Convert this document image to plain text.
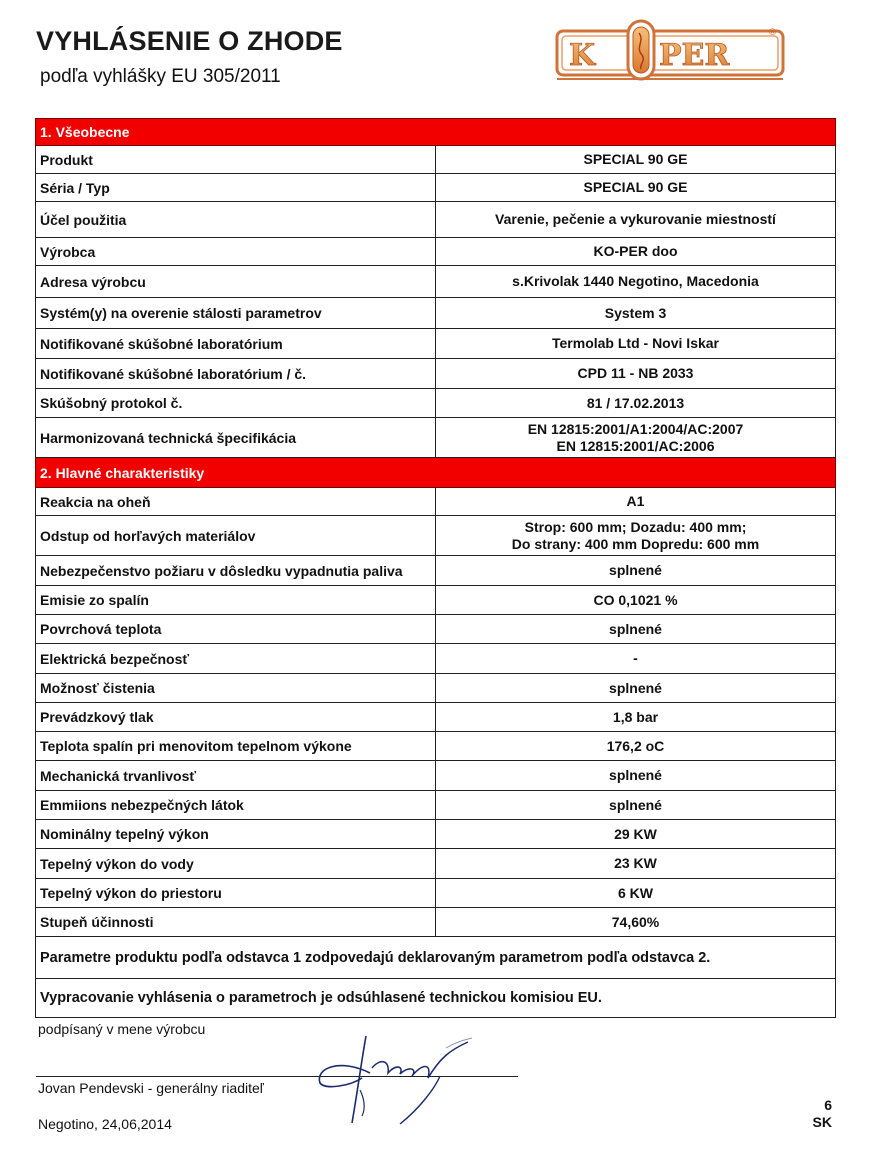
VYHLÁSENIE O ZHODE
podľa vyhlášky EU 305/2011
K PER
®
1. Všeobecne	
Produkt	SPECIAL 90 GE
Séria / Typ	SPECIAL 90 GE
Účel použitia	Varenie, pečenie a vykurovanie miestností
Výrobca	KO-PER doo
Adresa výrobcu	s.Krivolak 1440 Negotino, Macedonia
Systém(y) na overenie stálosti parametrov	System 3
Notifikované skúšobné laboratórium	Termolab Ltd - Novi Iskar
Notifikované skúšobné laboratórium / č.	CPD 11 - NB 2033
Skúšobný protokol č.	81 / 17.02.2013
Harmonizovaná technická špecifikácia	EN 12815:2001/A1:2004/AC:2007
EN 12815:2001/AC:2006

2. Hlavné charakteristiky	
Reakcia na oheň	A1
Odstup od horľavých materiálov	Strop: 600 mm; Dozadu: 400 mm;
Do strany: 400 mm Dopredu: 600 mm

Nebezpečenstvo požiaru v dôsledku vypadnutia paliva	splnené
Emisie zo spalín	CO 0,1021 %
Povrchová teplota	splnené
Elektrická bezpečnosť	-
Možnosť čistenia	splnené
Prevádzkový tlak	1,8 bar
Teplota spalín pri menovitom tepelnom výkone	176,2 oC
Mechanická trvanlivosť	splnené
Emmiions nebezpečných látok	splnené
Nominálny tepelný výkon	29 KW
Tepelný výkon do vody	23 KW
Tepelný výkon do priestoru	6 KW
Stupeň účinnosti	74,60%
Parametre produktu podľa odstavca 1 zodpovedajú deklarovaným parametrom podľa odstavca 2.	
Vypracovanie vyhlásenia o parametroch je odsúhlasené technickou komisiou EU.	
podpísaný v mene výrobcu
Jovan Pendevski - generálny riaditeľ
Negotino, 24,06,2014
6
SK
